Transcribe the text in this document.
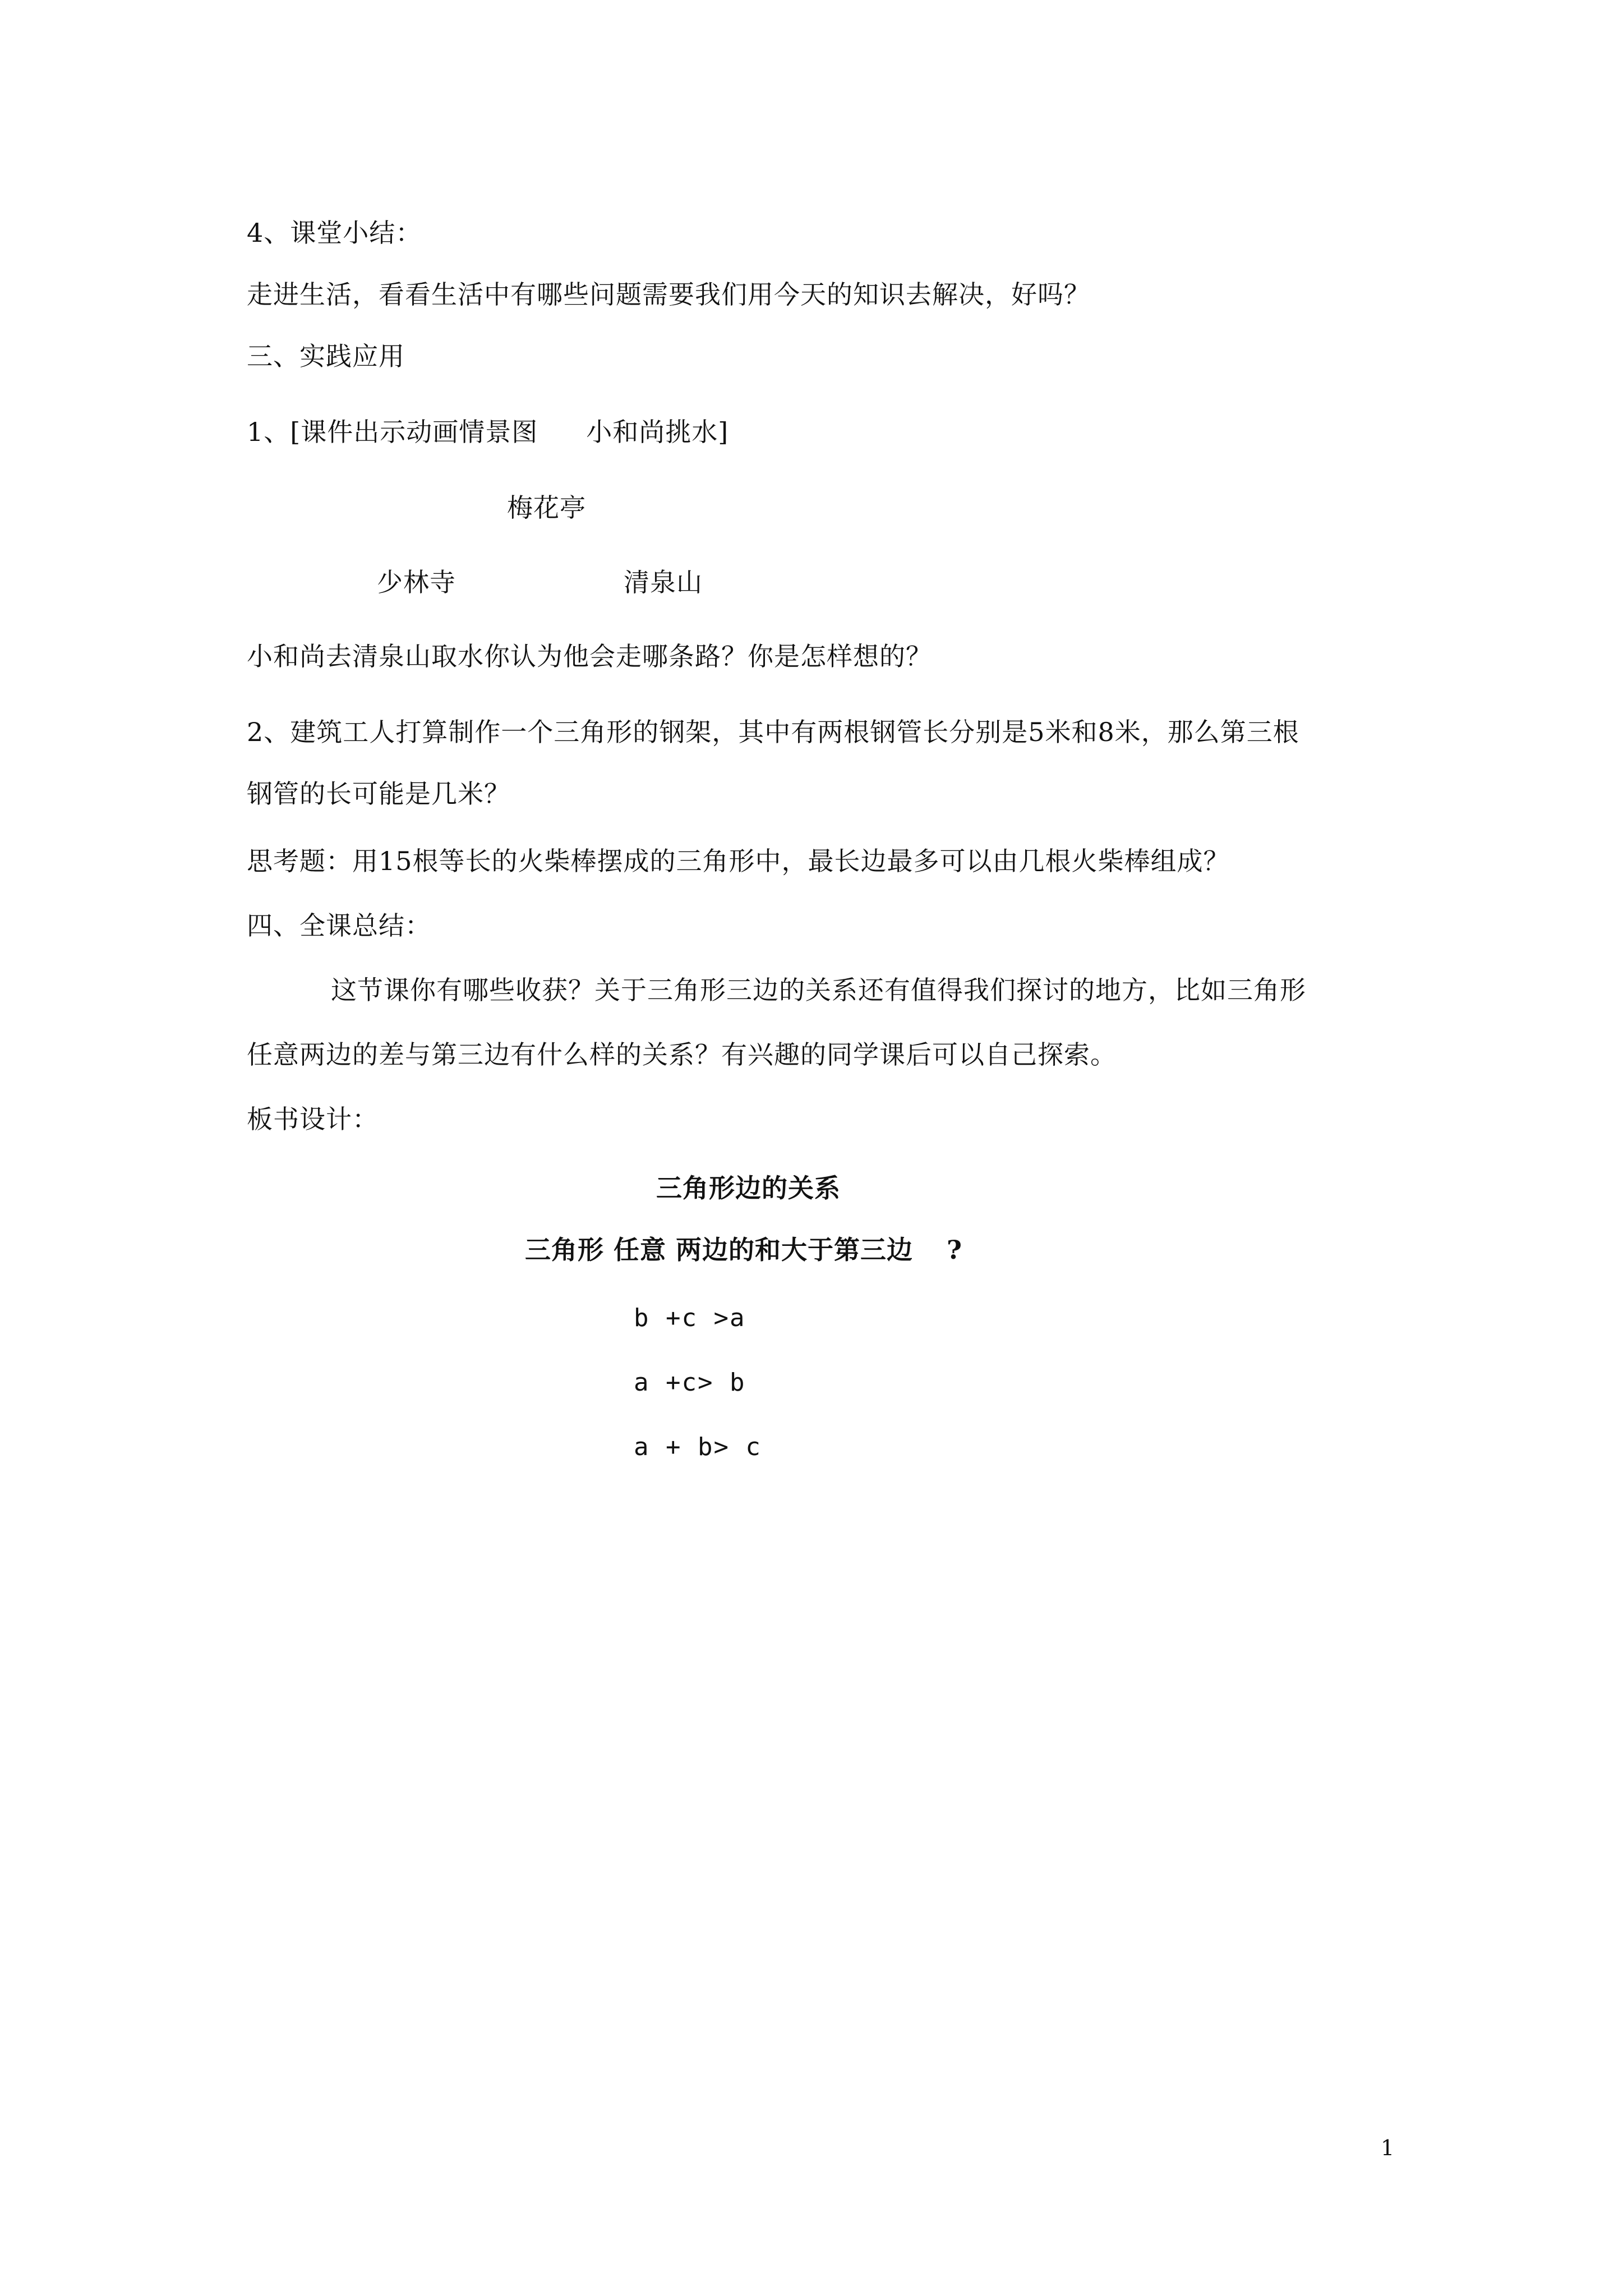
4、课堂小结：
走进生活，看看生活中有哪些问题需要我们用今天的知识去解决，好吗？
三、实践应用
1、[课件出示动画情景图 小和尚挑水]
梅花亭
少林寺	清泉山
小和尚去清泉山取水你认为他会走哪条路？你是怎样想的？
2、建筑工人打算制作一个三角形的钢架，其中有两根钢管长分别是5米和8米，那么第三根
钢管的长可能是几米？
思考题：用15根等长的火柴棒摆成的三角形中，最长边最多可以由几根火柴棒组成？
四、全课总结：
这节课你有哪些收获？关于三角形三边的关系还有值得我们探讨的地方，比如三角形
任意两边的差与第三边有什么样的关系？有兴趣的同学课后可以自己探索。
板书设计：
三角形边的关系
三角形 任意 两边的和大于第三边 ?
b +c >a
a +c> b
a + b> c
1
